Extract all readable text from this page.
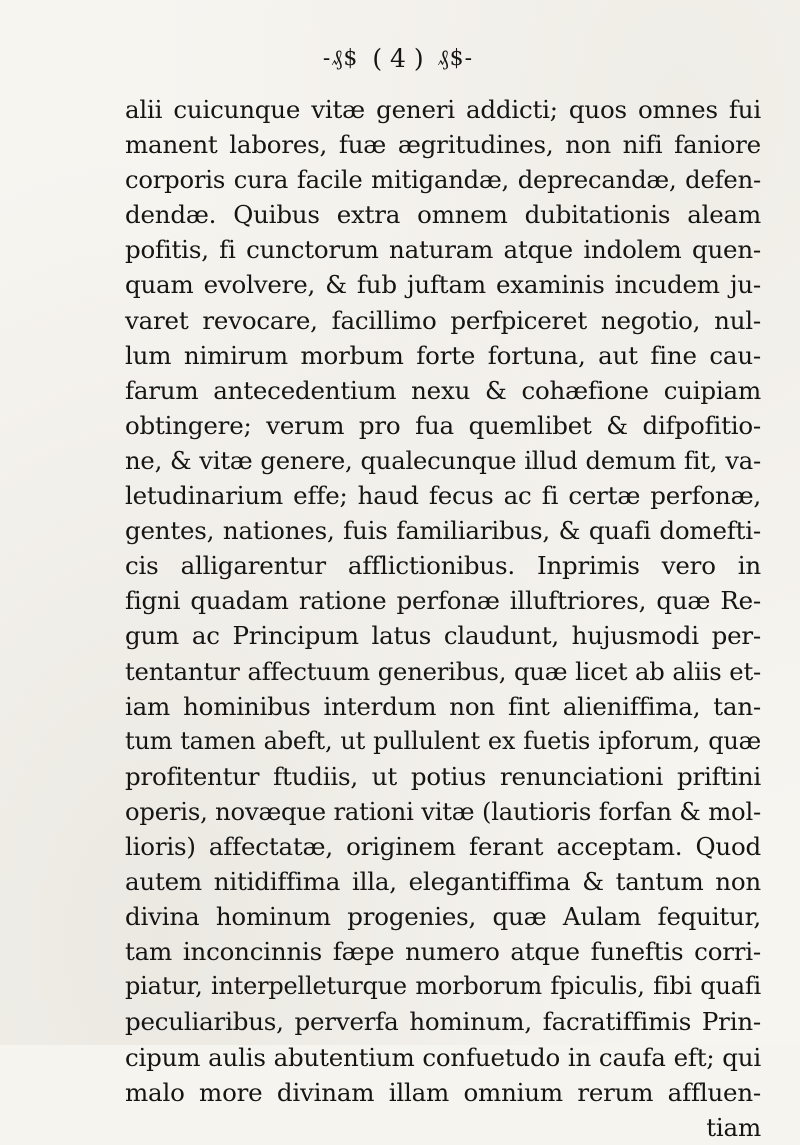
-₰$ ( 4 ) ₰$-
alii cuicunque vitæ generi addicti; quos omnes fui
manent labores, fuæ ægritudines, non nifi faniore
corporis cura facile mitigandæ, deprecandæ, defen-
dendæ. Quibus extra omnem dubitationis aleam
pofitis, fi cunctorum naturam atque indolem quen-
quam evolvere, & fub juftam examinis incudem ju-
varet revocare, facillimo perfpiceret negotio, nul-
lum nimirum morbum forte fortuna, aut fine cau-
farum antecedentium nexu & cohæfione cuipiam
obtingere; verum pro fua quemlibet & difpofitio-
ne, & vitæ genere, qualecunque illud demum fit, va-
letudinarium effe; haud fecus ac fi certæ perfonæ,
gentes, nationes, fuis familiaribus, & quafi domefti-
cis alligarentur afflictionibus. Inprimis vero in
figni quadam ratione perfonæ illuftriores, quæ Re-
gum ac Principum latus claudunt, hujusmodi per-
tentantur affectuum generibus, quæ licet ab aliis et-
iam hominibus interdum non fint alieniffima, tan-
tum tamen abeft, ut pullulent ex fuetis ipforum, quæ
profitentur ftudiis, ut potius renunciationi priftini
operis, novæque rationi vitæ (lautioris forfan & mol-
lioris) affectatæ, originem ferant acceptam. Quod
autem nitidiffima illa, elegantiffima & tantum non
divina hominum progenies, quæ Aulam fequitur,
tam inconcinnis fæpe numero atque funeftis corri-
piatur, interpelleturque morborum fpiculis, fibi quafi
peculiaribus, perverfa hominum, facratiffimis Prin-
cipum aulis abutentium confuetudo in caufa eft; qui
malo more divinam illam omnium rerum affluen-
tiam
